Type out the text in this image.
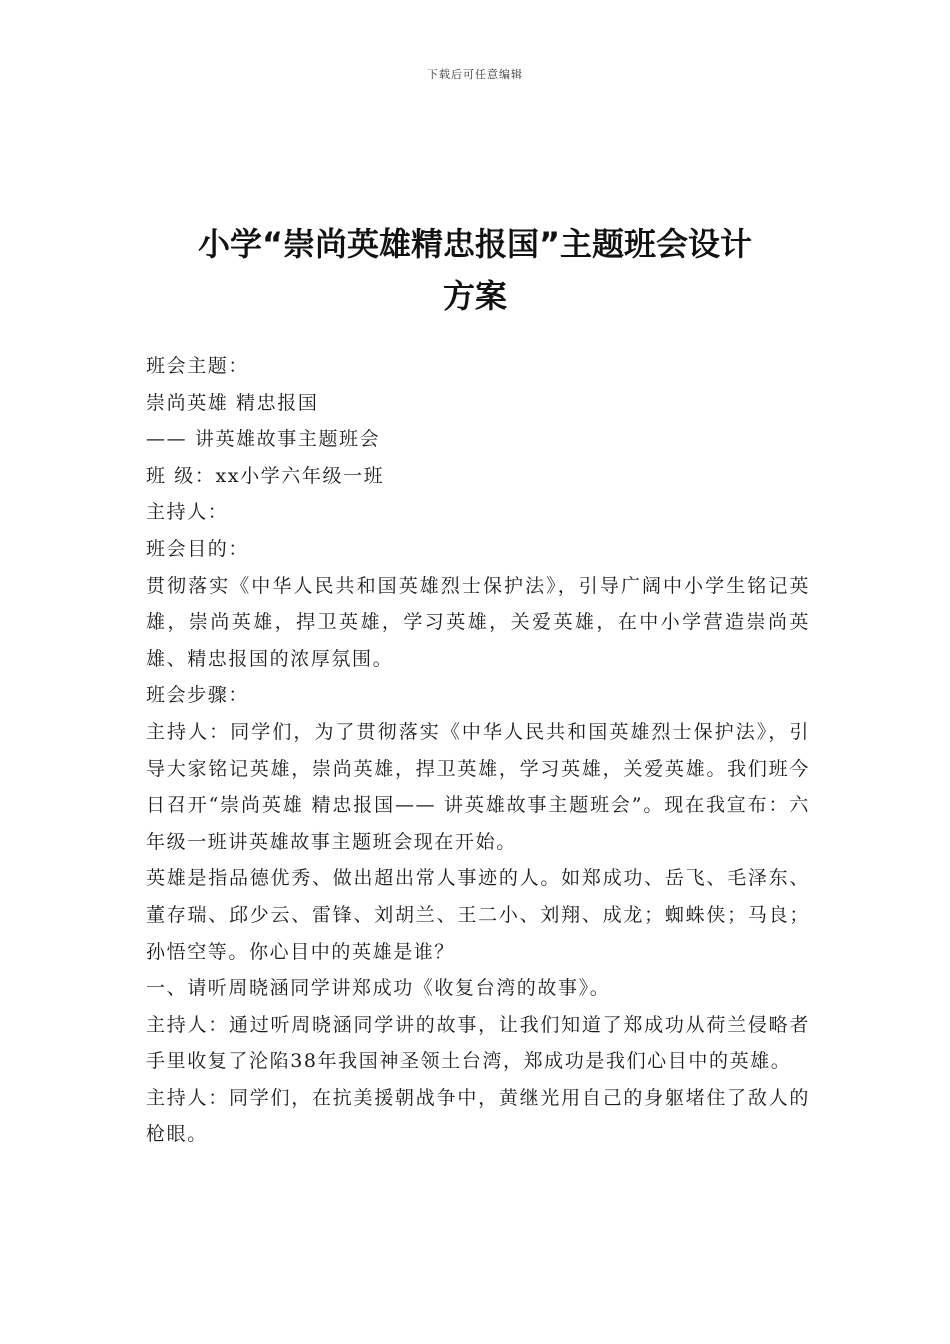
下载后可任意编辑
小学“崇尚英雄精忠报国”主题班会设计
方案

班会主题：

崇尚英雄 精忠报国

—— 讲英雄故事主题班会

班 级：xx小学六年级一班

主持人：

班会目的：

贯彻落实《中华人民共和国英雄烈士保护法》，引导广阔中小学生铭记英雄，崇尚英雄，捍卫英雄，学习英雄，关爱英雄，在中小学营造崇尚英雄、精忠报国的浓厚氛围。

班会步骤：

主持人：同学们，为了贯彻落实《中华人民共和国英雄烈士保护法》，引导大家铭记英雄，崇尚英雄，捍卫英雄，学习英雄，关爱英雄。我们班今日召开“崇尚英雄 精忠报国—— 讲英雄故事主题班会”。现在我宣布：六年级一班讲英雄故事主题班会现在开始。

英雄是指品德优秀、做出超出常人事迹的人。如郑成功、岳飞、毛泽东、董存瑞、邱少云、雷锋、刘胡兰、王二小、刘翔、成龙；蜘蛛侠；马良；孙悟空等。你心目中的英雄是谁？

一、请听周晓涵同学讲郑成功《收复台湾的故事》。

主持人：通过听周晓涵同学讲的故事，让我们知道了郑成功从荷兰侵略者手里收复了沦陷38年我国神圣领土台湾，郑成功是我们心目中的英雄。

主持人：同学们，在抗美援朝战争中，黄继光用自己的身躯堵住了敌人的枪眼。
